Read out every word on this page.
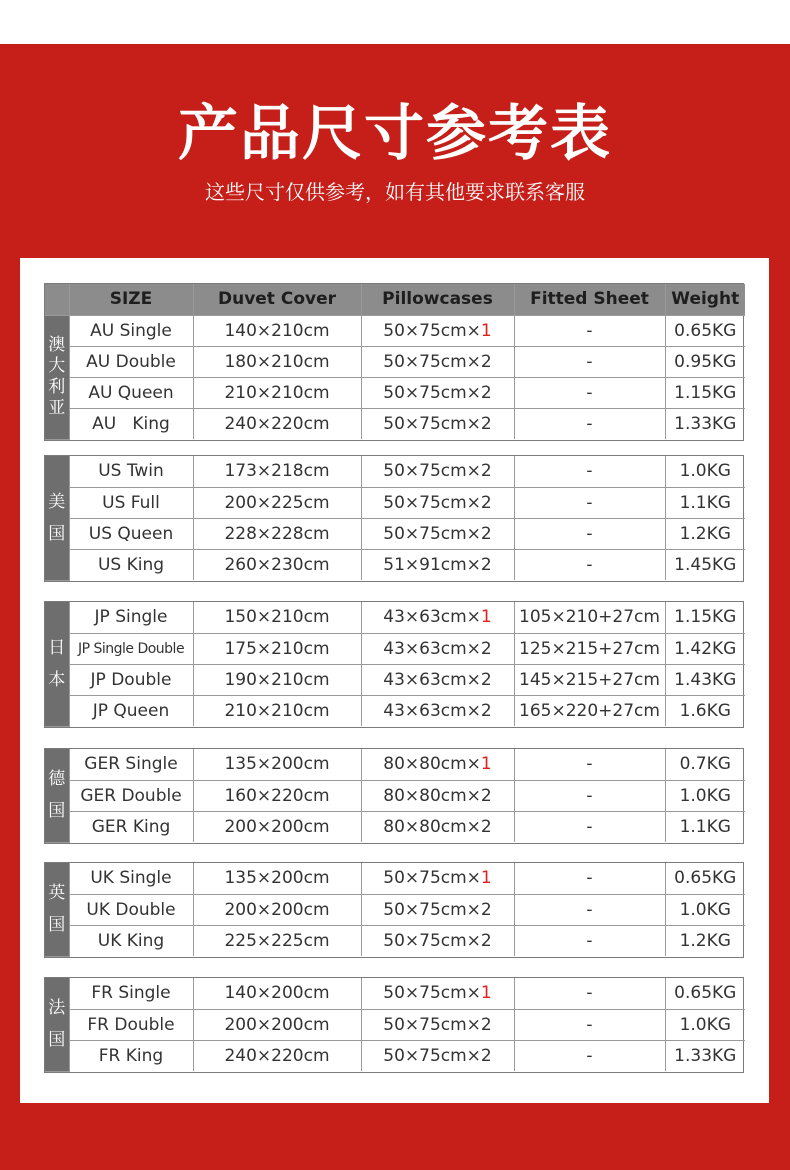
产品尺寸参考表
这些尺寸仅供参考，如有其他要求联系客服
	SIZE	Duvet Cover	Pillowcases	Fitted Sheet	Weight

澳大利亚	AU Single	140×210cm	50×75cm×1	-	0.65KG
	AU Double	180×210cm	50×75cm×2	-	0.95KG
	AU Queen	210×210cm	50×75cm×2	-	1.15KG
	AU   King	240×220cm	50×75cm×2	-	1.33KG
美国	US Twin	173×218cm	50×75cm×2	-	1.0KG
	US Full	200×225cm	50×75cm×2	-	1.1KG
	US Queen	228×228cm	50×75cm×2	-	1.2KG
	US King	260×230cm	51×91cm×2	-	1.45KG
日本	JP Single	150×210cm	43×63cm×1	105×210+27cm	1.15KG
	JP Single Double	175×210cm	43×63cm×2	125×215+27cm	1.42KG
	JP Double	190×210cm	43×63cm×2	145×215+27cm	1.43KG
	JP Queen	210×210cm	43×63cm×2	165×220+27cm	1.6KG
德国	GER Single	135×200cm	80×80cm×1	-	0.7KG
	GER Double	160×220cm	80×80cm×2	-	1.0KG
	GER King	200×200cm	80×80cm×2	-	1.1KG
英国	UK Single	135×200cm	50×75cm×1	-	0.65KG
	UK Double	200×200cm	50×75cm×2	-	1.0KG
	UK King	225×225cm	50×75cm×2	-	1.2KG
法国	FR Single	140×200cm	50×75cm×1	-	0.65KG
	FR Double	200×200cm	50×75cm×2	-	1.0KG
	FR King	240×220cm	50×75cm×2	-	1.33KG
